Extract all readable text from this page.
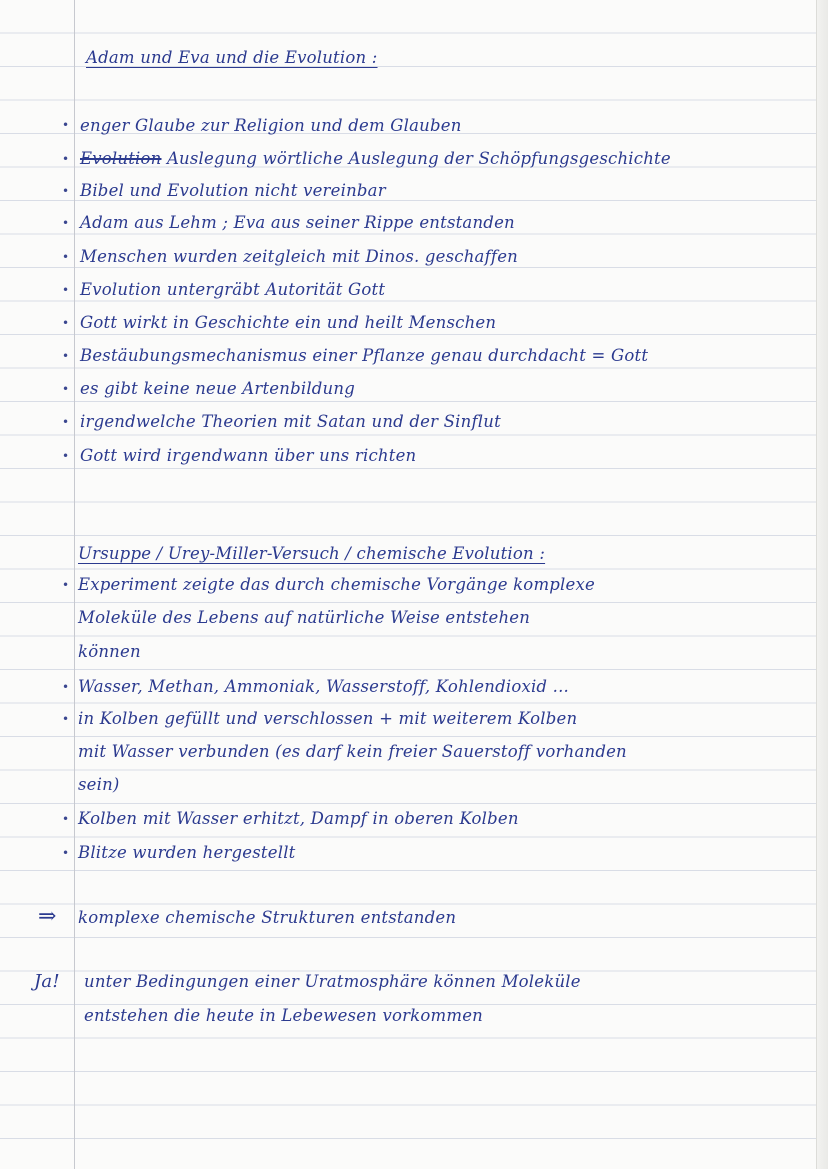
Adam und Eva und die Evolution :
• enger Glaube zur Religion und dem Glauben
• Evolution Auslegung wörtliche Auslegung der Schöpfungsgeschichte
• Bibel und Evolution nicht vereinbar
• Adam aus Lehm ; Eva aus seiner Rippe entstanden
• Menschen wurden zeitgleich mit Dinos. geschaffen
• Evolution untergräbt Autorität Gott
• Gott wirkt in Geschichte ein und heilt Menschen
• Bestäubungsmechanismus einer Pflanze genau durchdacht = Gott
• es gibt keine neue Artenbildung
• irgendwelche Theorien mit Satan und der Sinflut
• Gott wird irgendwann über uns richten
Ursuppe / Urey-Miller-Versuch / chemische Evolution :
• Experiment zeigte das durch chemische Vorgänge komplexe
Moleküle des Lebens auf natürliche Weise entstehen
können
• Wasser, Methan, Ammoniak, Wasserstoff, Kohlendioxid ...
• in Kolben gefüllt und verschlossen + mit weiterem Kolben
mit Wasser verbunden (es darf kein freier Sauerstoff vorhanden
sein)
• Kolben mit Wasser erhitzt, Dampf in oberen Kolben
• Blitze wurden hergestellt
⇒ komplexe chemische Strukturen entstanden
Ja! unter Bedingungen einer Uratmosphäre können Moleküle
entstehen die heute in Lebewesen vorkommen
